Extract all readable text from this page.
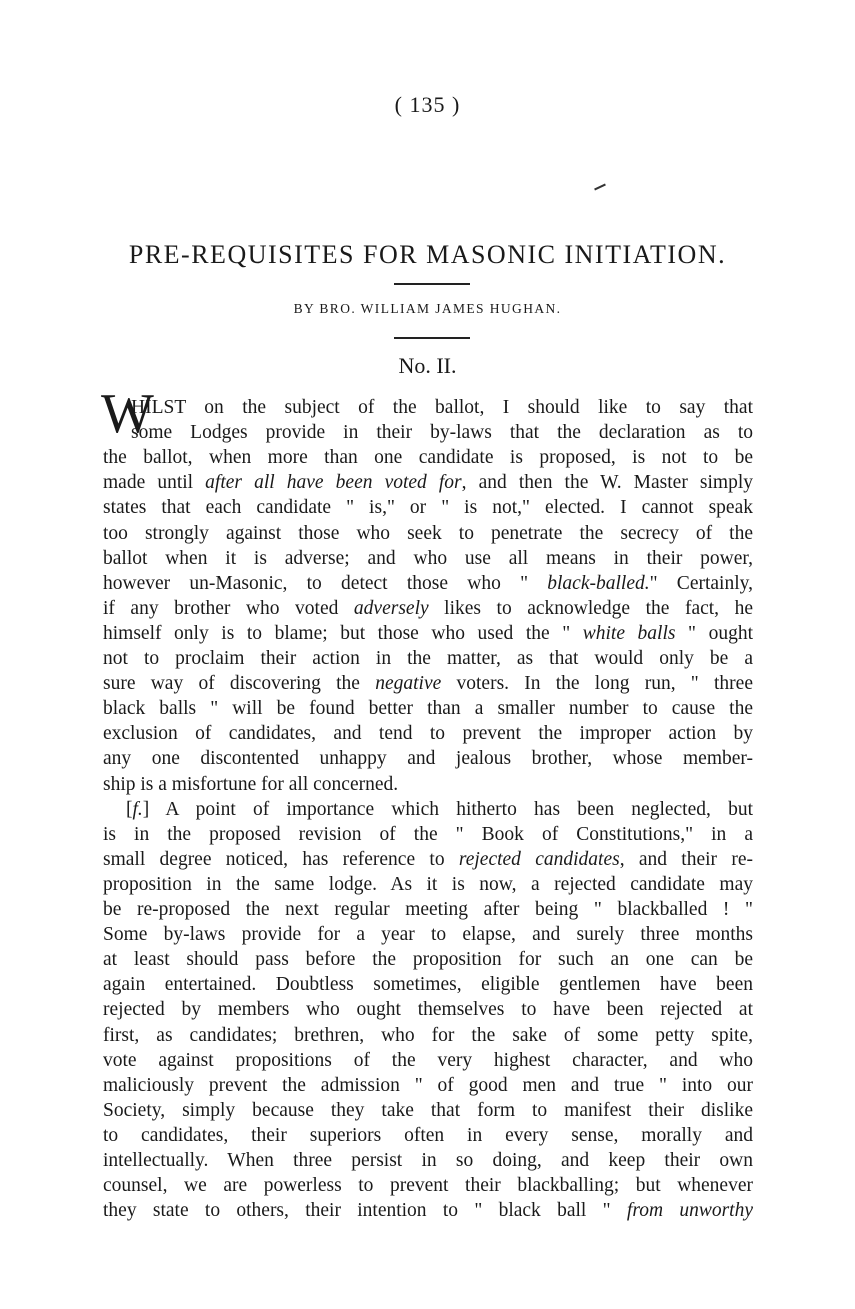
( 135 )
PRE-REQUISITES FOR MASONIC INITIATION.
BY BRO. WILLIAM JAMES HUGHAN.
No. II.
W
HILST on the subject of the ballot, I should like to say that
some Lodges provide in their by-laws that the declaration as to
the ballot, when more than one candidate is proposed, is not to be
made until after all have been voted for, and then the W. Master simply
states that each candidate " is," or " is not," elected. I cannot speak
too strongly against those who seek to penetrate the secrecy of the
ballot when it is adverse; and who use all means in their power,
however un-Masonic, to detect those who " black-balled." Certainly,
if any brother who voted adversely likes to acknowledge the fact, he
himself only is to blame; but those who used the " white balls " ought
not to proclaim their action in the matter, as that would only be a
sure way of discovering the negative voters. In the long run, " three
black balls " will be found better than a smaller number to cause the
exclusion of candidates, and tend to prevent the improper action by
any one discontented unhappy and jealous brother, whose member-
ship is a misfortune for all concerned.
[f.] A point of importance which hitherto has been neglected, but
is in the proposed revision of the " Book of Constitutions," in a
small degree noticed, has reference to rejected candidates, and their re-
proposition in the same lodge. As it is now, a rejected candidate may
be re-proposed the next regular meeting after being " blackballed ! "
Some by-laws provide for a year to elapse, and surely three months
at least should pass before the proposition for such an one can be
again entertained. Doubtless sometimes, eligible gentlemen have been
rejected by members who ought themselves to have been rejected at
first, as candidates; brethren, who for the sake of some petty spite,
vote against propositions of the very highest character, and who
maliciously prevent the admission " of good men and true " into our
Society, simply because they take that form to manifest their dislike
to candidates, their superiors often in every sense, morally and
intellectually. When three persist in so doing, and keep their own
counsel, we are powerless to prevent their blackballing; but whenever
they state to others, their intention to " black ball " from unworthy
